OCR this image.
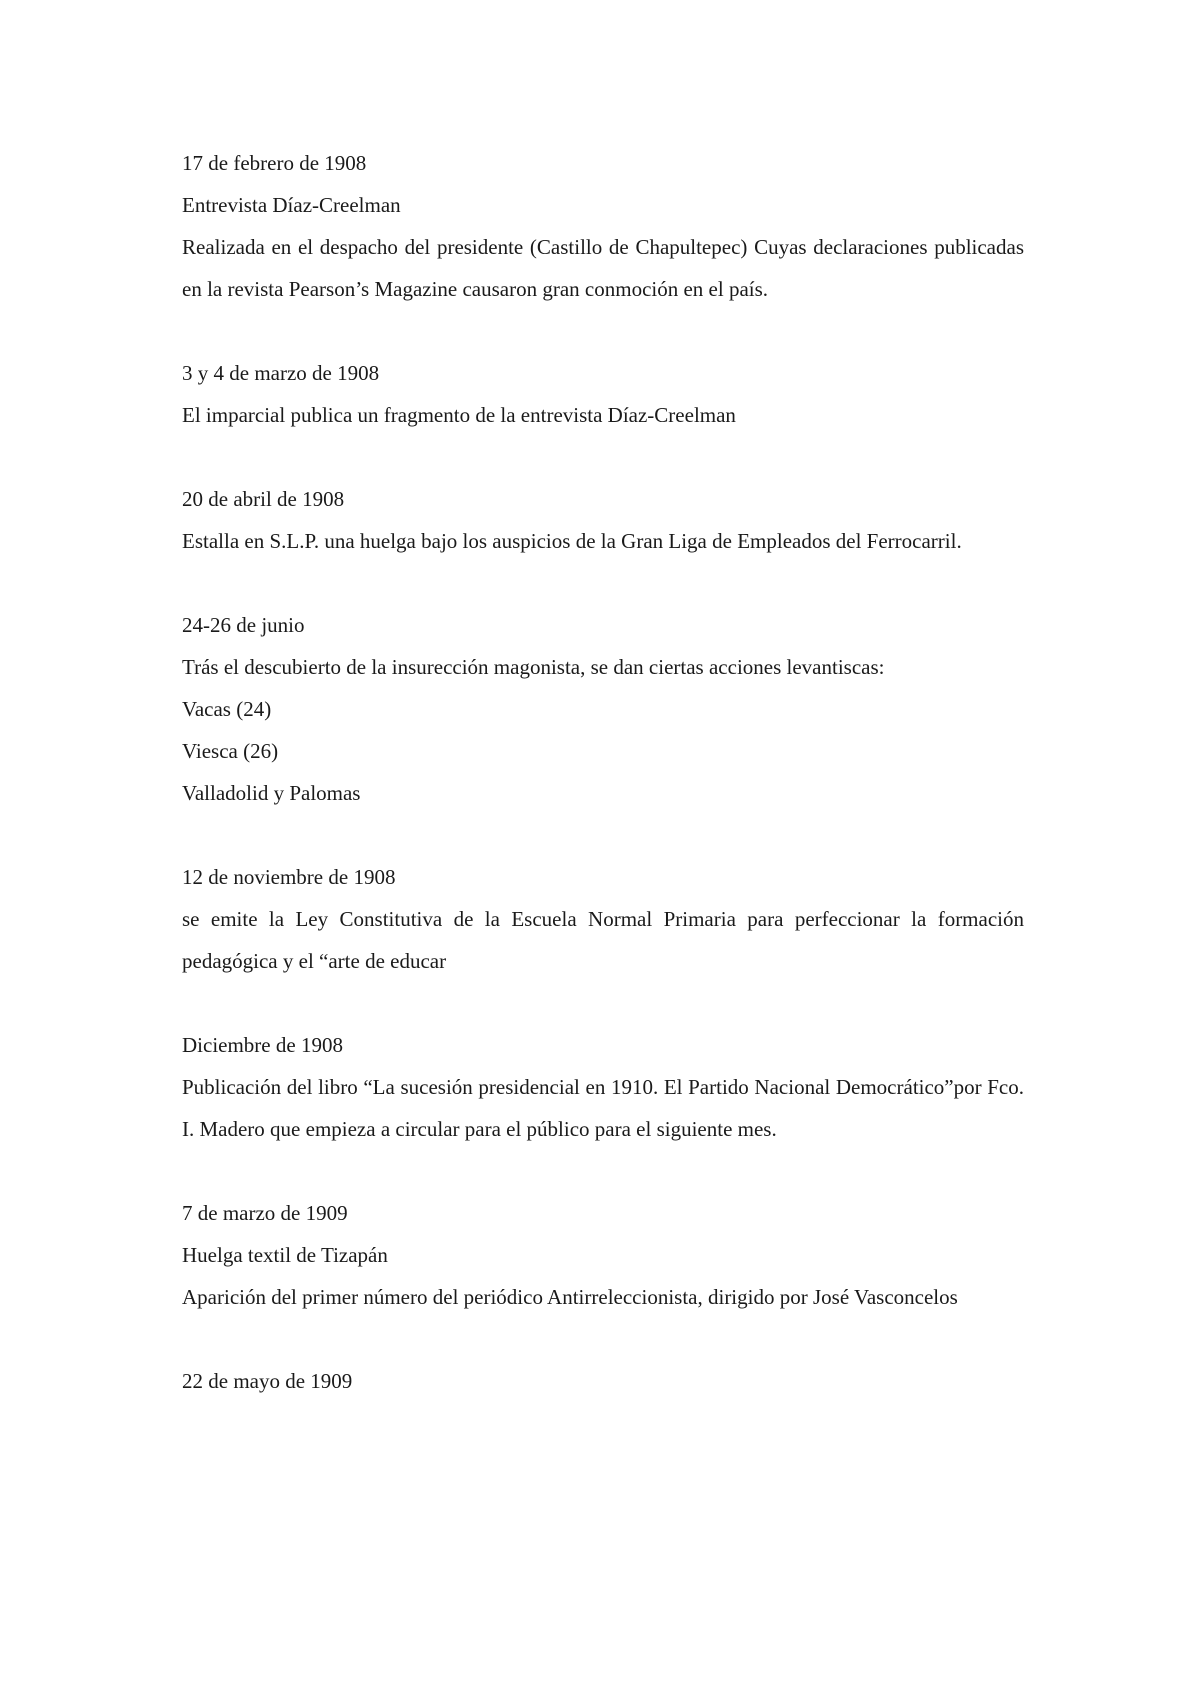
17 de febrero de 1908

Entrevista Díaz-Creelman

Realizada en el despacho del presidente (Castillo de Chapultepec) Cuyas declaraciones publicadas en la revista Pearson’s Magazine causaron gran conmoción en el país.

3 y 4 de marzo de 1908

El imparcial publica un fragmento de la entrevista Díaz-Creelman

20 de abril de 1908

Estalla en S.L.P. una huelga bajo los auspicios de la Gran Liga de Empleados del Ferrocarril.

24-26 de junio

Trás el descubierto de la insurección magonista, se dan ciertas acciones levantiscas:

Vacas (24)

Viesca (26)

Valladolid y Palomas

12 de noviembre de 1908

se emite la Ley Constitutiva de la Escuela Normal Primaria para perfeccionar la formación pedagógica y el “arte de educar

Diciembre de 1908

Publicación del libro “La sucesión presidencial en 1910. El Partido Nacional Democrático”por Fco. I. Madero que empieza a circular para el público para el siguiente mes.

7 de marzo de 1909

Huelga textil de Tizapán

Aparición del primer número del periódico Antirreleccionista, dirigido por José Vasconcelos

22 de mayo de 1909
